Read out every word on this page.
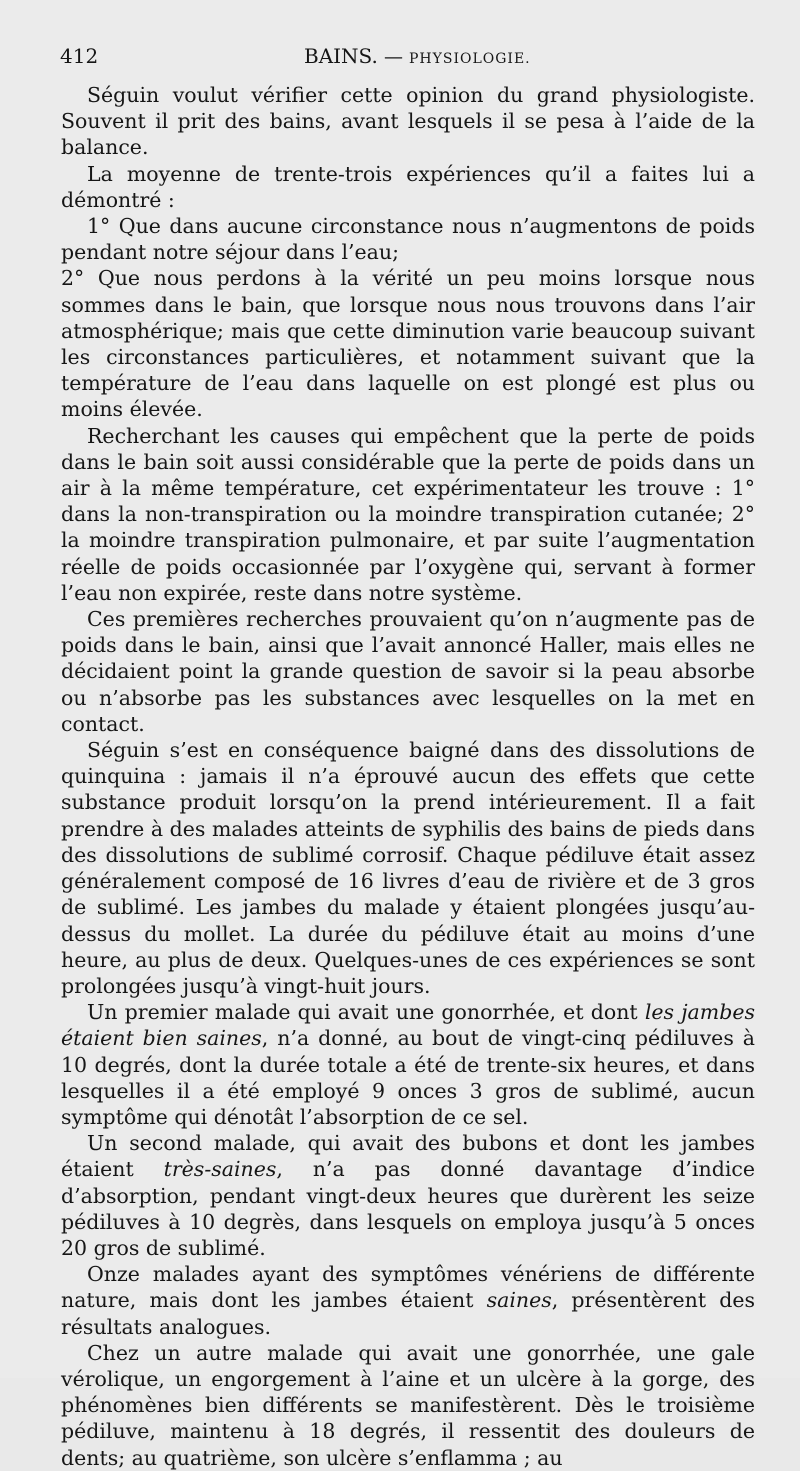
412	BAINS. — PHYSIOLOGIE.

Séguin voulut vérifier cette opinion du grand physiologiste. Souvent il prit des bains, avant lesquels il se pesa à l’aide de la balance.

La moyenne de trente-trois expériences qu’il a faites lui a démontré :

1° Que dans aucune circonstance nous n’augmentons de poids pendant notre séjour dans l’eau;

2° Que nous perdons à la vérité un peu moins lorsque nous sommes dans le bain, que lorsque nous nous trouvons dans l’air atmosphérique; mais que cette diminution varie beaucoup suivant les circonstances particulières, et notamment suivant que la température de l’eau dans laquelle on est plongé est plus ou moins élevée.

Recherchant les causes qui empêchent que la perte de poids dans le bain soit aussi considérable que la perte de poids dans un air à la même température, cet expérimentateur les trouve : 1° dans la non-transpiration ou la moindre transpiration cutanée; 2° la moindre transpiration pulmonaire, et par suite l’augmentation réelle de poids occasionnée par l’oxygène qui, servant à former l’eau non expirée, reste dans notre système.

Ces premières recherches prouvaient qu’on n’augmente pas de poids dans le bain, ainsi que l’avait annoncé Haller, mais elles ne décidaient point la grande question de savoir si la peau absorbe ou n’absorbe pas les substances avec lesquelles on la met en contact.

Séguin s’est en conséquence baigné dans des dissolutions de quinquina : jamais il n’a éprouvé aucun des effets que cette substance produit lorsqu’on la prend intérieurement. Il a fait prendre à des malades atteints de syphilis des bains de pieds dans des dissolutions de sublimé corrosif. Chaque pédiluve était assez généralement composé de 16 livres d’eau de rivière et de 3 gros de sublimé. Les jambes du malade y étaient plongées jusqu’au-dessus du mollet. La durée du pédiluve était au moins d’une heure, au plus de deux. Quelques-unes de ces expériences se sont prolongées jusqu’à vingt-huit jours.

Un premier malade qui avait une gonorrhée, et dont les jambes étaient bien saines, n’a donné, au bout de vingt-cinq pédiluves à 10 degrés, dont la durée totale a été de trente-six heures, et dans lesquelles il a été employé 9 onces 3 gros de sublimé, aucun symptôme qui dénotât l’absorption de ce sel.

Un second malade, qui avait des bubons et dont les jambes étaient très-saines, n’a pas donné davantage d’indice d’absorption, pendant vingt-deux heures que durèrent les seize pédiluves à 10 degrès, dans lesquels on employa jusqu’à 5 onces 20 gros de sublimé.

Onze malades ayant des symptômes vénériens de différente nature, mais dont les jambes étaient saines, présentèrent des résultats analogues.

Chez un autre malade qui avait une gonorrhée, une gale vérolique, un engorgement à l’aine et un ulcère à la gorge, des phénomènes bien différents se manifestèrent. Dès le troisième pédiluve, maintenu à 18 degrés, il ressentit des douleurs de dents; au quatrième, son ulcère s’enflamma ; au
